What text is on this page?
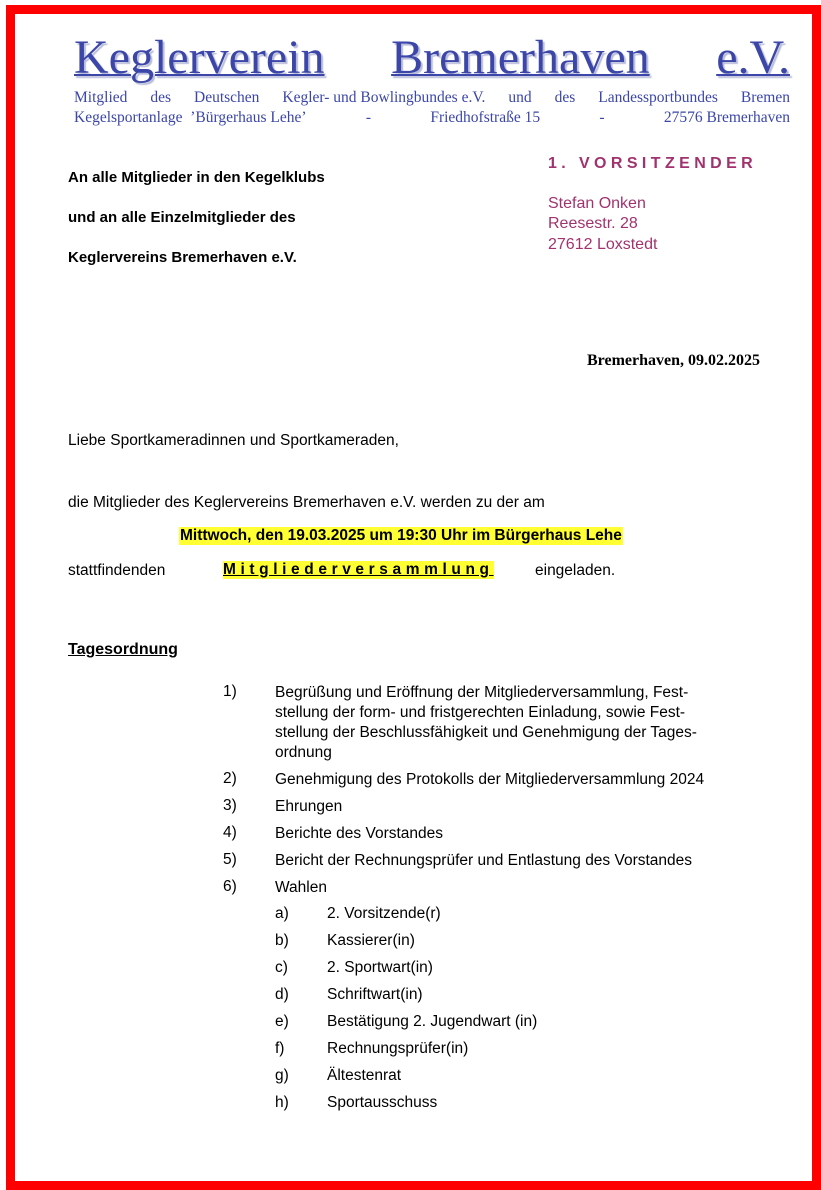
Keglerverein Bremerhaven e.V.
Mitglied des Deutschen Kegler- und Bowlingbundes e.V. und des Landessportbundes Bremen
Kegelsportanlage  ’Bürgerhaus Lehe’	-	Friedhofstraße 15	-	27576 Bremerhaven
An alle Mitglieder in den Kegelklubs
und an alle Einzelmitglieder des
Keglervereins Bremerhaven e.V.
1. VORSITZENDER
Stefan Onken
Reesestr. 28
27612 Loxstedt
Bremerhaven, 09.02.2025
Liebe Sportkameradinnen und Sportkameraden,
die Mitglieder des Keglervereins Bremerhaven e.V. werden zu der am
Mittwoch, den 19.03.2025 um 19:30 Uhr im Bürgerhaus Lehe
stattfindenden	Mitgliederversammlung	eingeladen.
Tagesordnung
1) Begrüßung und Eröffnung der Mitgliederversammlung, Fest-
stellung der form- und fristgerechten Einladung, sowie Fest-
stellung der Beschlussfähigkeit und Genehmigung der Tages-
ordnung
2) Genehmigung des Protokolls der Mitgliederversammlung 2024
3) Ehrungen
4) Berichte des Vorstandes
5) Bericht der Rechnungsprüfer und Entlastung des Vorstandes
6) Wahlen
a) 2. Vorsitzende(r)
b) Kassierer(in)
c)	2. Sportwart(in)
d) Schriftwart(in)
e) Bestätigung 2. Jugendwart (in)
f)	Rechnungsprüfer(in)
g) Ältestenrat
h) Sportausschuss
